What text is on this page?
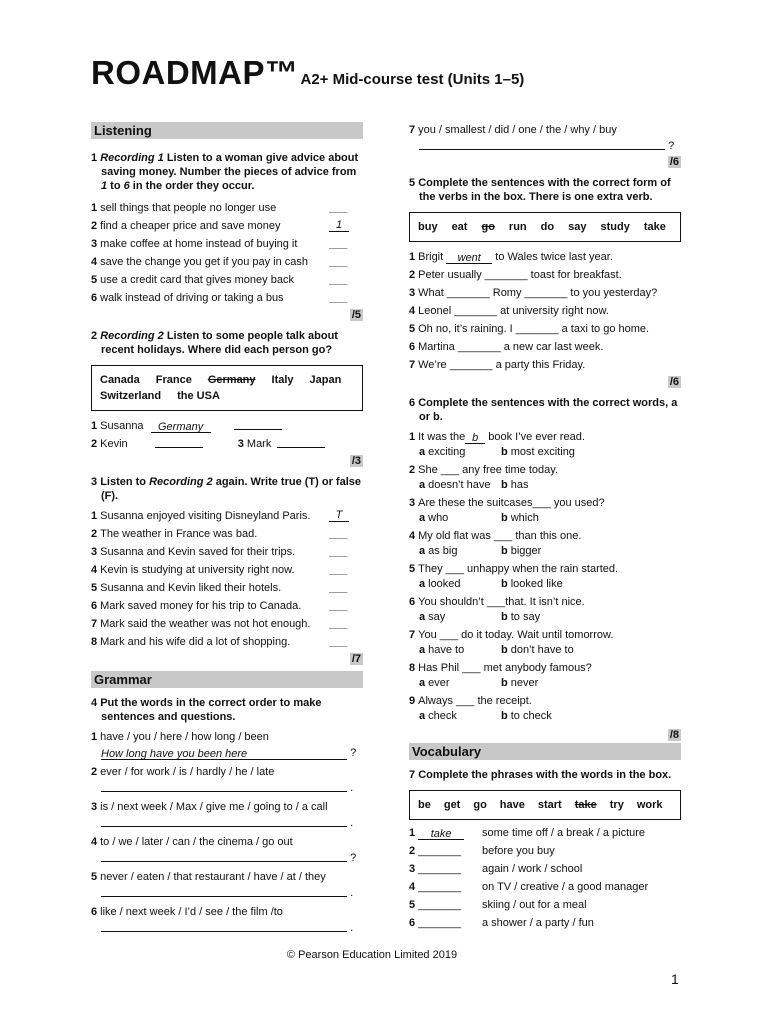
ROADMAP™ A2+ Mid-course test (Units 1–5)
Listening
1 Recording 1 Listen to a woman give advice about saving money. Number the pieces of advice from 1 to 6 in the order they occur.
1 sell things that people no longer use	___
2 find a cheaper price and save money	1
3 make coffee at home instead of buying it	___
4 save the change you get if you pay in cash ___
5 use a credit card that gives money back	___
6 walk instead of driving or taking a bus	___
/5
2 Recording 2 Listen to some people talk about recent holidays. Where did each person go?
Canada France Germany Italy Japan
Switzerland the USA
1 Susanna Germany
2 Kevin	3 Mark
/3
3 Listen to Recording 2 again. Write true (T) or false (F).
1 Susanna enjoyed visiting Disneyland Paris.	T
2 The weather in France was bad.	___
3 Susanna and Kevin saved for their trips.	___
4 Kevin is studying at university right now.	___
5 Susanna and Kevin liked their hotels.	___
6 Mark saved money for his trip to Canada.	___
7 Mark said the weather was not hot enough. ___
8 Mark and his wife did a lot of shopping.	___
/7
Grammar
4 Put the words in the correct order to make sentences and questions.
1 have / you / here / how long / been
How long have you been here	?
2 ever / for work / is / hardly / he / late
.
3 is / next week / Max / give me / going to / a call
.
4 to / we / later / can / the cinema / go out
?
5 never / eaten / that restaurant / have / at / they
.
6 like / next week / I’d / see / the film /to
.
7 you / smallest / did / one / the / why / buy
?
/6
5 Complete the sentences with the correct form of the verbs in the box. There is one extra verb.
buy eat go run do say study take
1 Brigit went to Wales twice last year.
2 Peter usually _______ toast for breakfast.
3 What _______ Romy _______ to you yesterday?
4 Leonel _______ at university right now.
5 Oh no, it’s raining. I _______ a taxi to go home.
6 Martina _______ a new car last week.
7 We’re _______ a party this Friday.
/6
6 Complete the sentences with the correct words, a or b.
1 It was the b book I’ve ever read.
a exciting	b most exciting
2 She ___ any free time today.
a doesn’t have b has
3 Are these the suitcases___ you used?
a who	b which
4 My old flat was ___ than this one.
a as big	b bigger
5 They ___ unhappy when the rain started.
a looked	b looked like
6 You shouldn’t ___that. It isn’t nice.
a say	b to say
7 You ___ do it today. Wait until tomorrow.
a have to	b don’t have to
8 Has Phil ___ met anybody famous?
a ever	b never
9 Always ___ the receipt.
a check	b to check
/8
Vocabulary
7 Complete the phrases with the words in the box.
be get go have start take try work
1 take	some time off / a break / a picture
2 _______ before you buy
3 _______ again / work / school
4 _______ on TV / creative / a good manager
5 _______ skiing / out for a meal
6 _______ a shower / a party / fun
© Pearson Education Limited 2019
1
